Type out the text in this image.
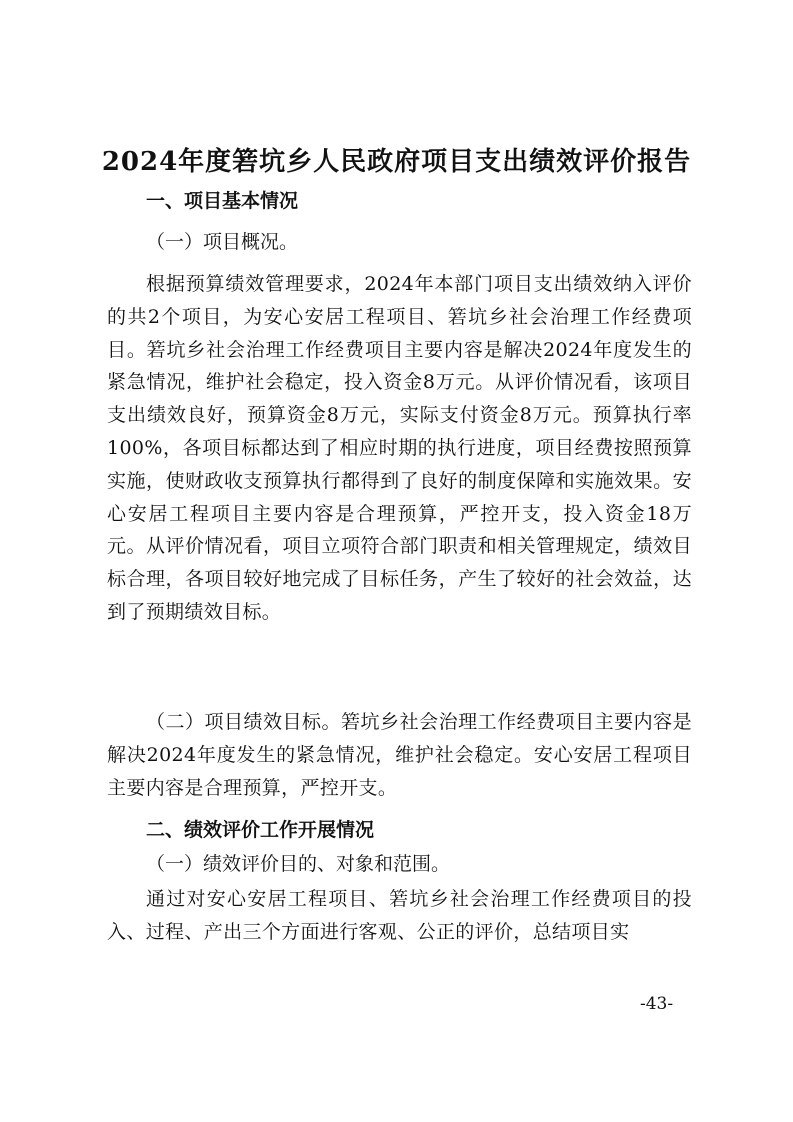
2024年度箬坑乡人民政府项目支出绩效评价报告
一、项目基本情况
（一）项目概况。
根据预算绩效管理要求，2024年本部门项目支出绩效纳入评价的共2个项目，为安心安居工程项目、箬坑乡社会治理工作经费项目。箬坑乡社会治理工作经费项目主要内容是解决2024年度发生的紧急情况，维护社会稳定，投入资金8万元。从评价情况看，该项目支出绩效良好，预算资金8万元，实际支付资金8万元。预算执行率100%，各项目标都达到了相应时期的执行进度，项目经费按照预算实施，使财政收支预算执行都得到了良好的制度保障和实施效果。安心安居工程项目主要内容是合理预算，严控开支，投入资金18万元。从评价情况看，项目立项符合部门职责和相关管理规定，绩效目标合理，各项目较好地完成了目标任务，产生了较好的社会效益，达到了预期绩效目标。
（二）项目绩效目标。箬坑乡社会治理工作经费项目主要内容是解决2024年度发生的紧急情况，维护社会稳定。安心安居工程项目主要内容是合理预算，严控开支。
二、绩效评价工作开展情况
（一）绩效评价目的、对象和范围。
通过对安心安居工程项目、箬坑乡社会治理工作经费项目的投入、过程、产出三个方面进行客观、公正的评价，总结项目实
-43-
